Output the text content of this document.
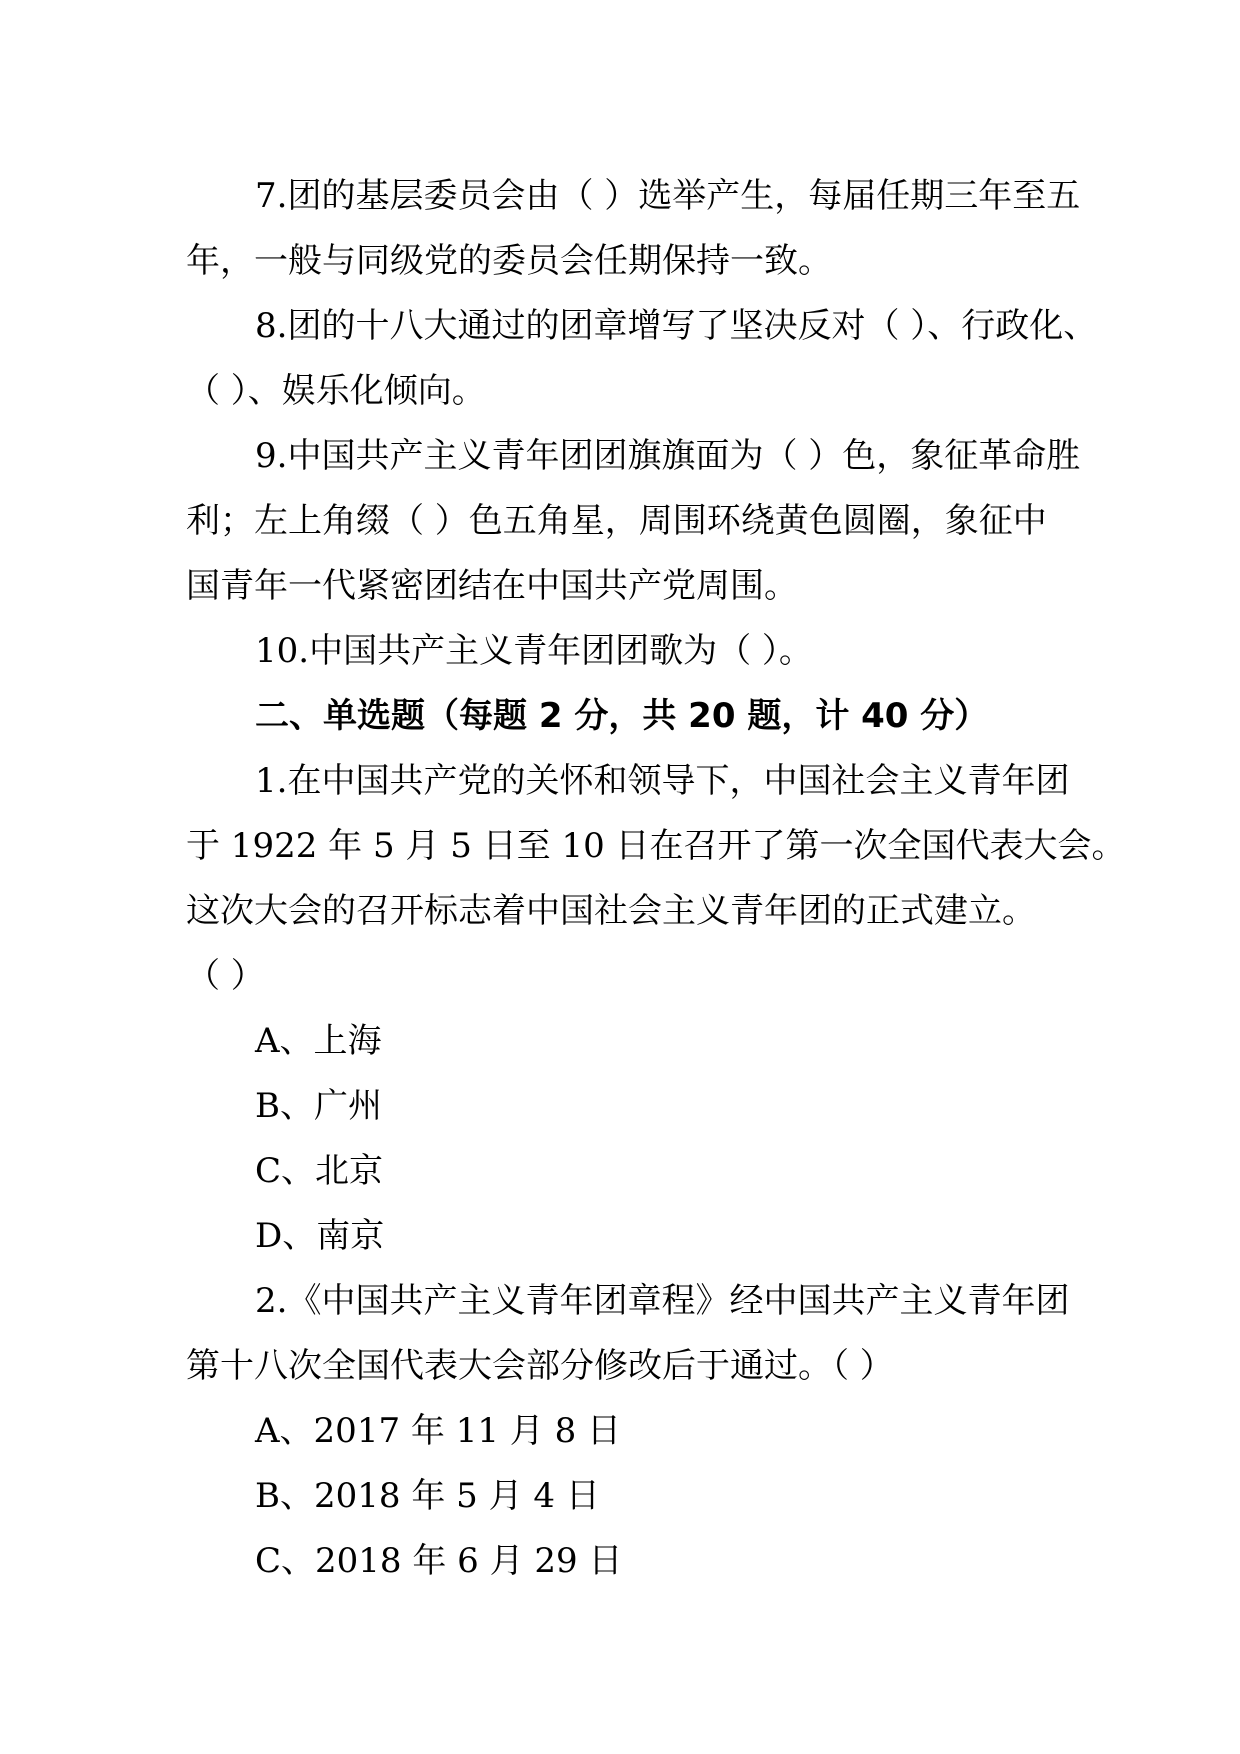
7.团的基层委员会由（ ）选举产生，每届任期三年至五
年，一般与同级党的委员会任期保持一致。
8.团的十八大通过的团章增写了坚决反对（ ）、行政化、
（ ）、娱乐化倾向。
9.中国共产主义青年团团旗旗面为（ ）色，象征革命胜
利；左上角缀（ ）色五角星，周围环绕黄色圆圈，象征中
国青年一代紧密团结在中国共产党周围。
10.中国共产主义青年团团歌为（ ）。
二、单选题（每题 2 分，共 20 题，计 40 分）
1.在中国共产党的关怀和领导下，中国社会主义青年团
于 1922 年 5 月 5 日至 10 日在召开了第一次全国代表大会。
这次大会的召开标志着中国社会主义青年团的正式建立。
（ ）
A、上海
B、广州
C、北京
D、南京
2.《中国共产主义青年团章程》经中国共产主义青年团
第十八次全国代表大会部分修改后于通过。（ ）
A、2017 年 11 月 8 日
B、2018 年 5 月 4 日
C、2018 年 6 月 29 日
